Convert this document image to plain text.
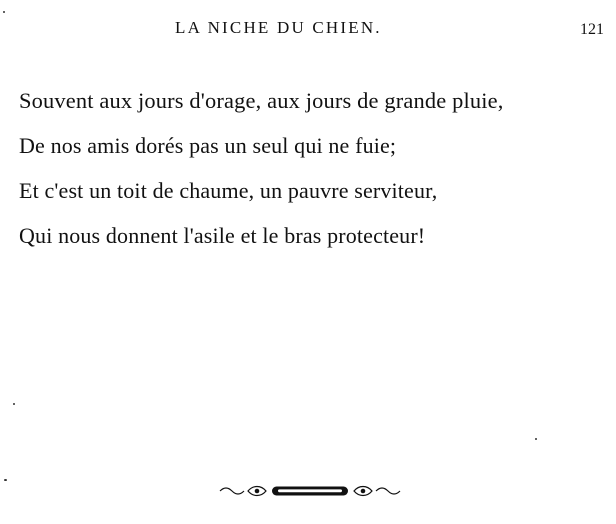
LA NICHE DU CHIEN.	121
Souvent aux jours d'orage, aux jours de grande pluie,
De nos amis dorés pas un seul qui ne fuie;
Et c'est un toit de chaume, un pauvre serviteur,
Qui nous donnent l'asile et le bras protecteur!
